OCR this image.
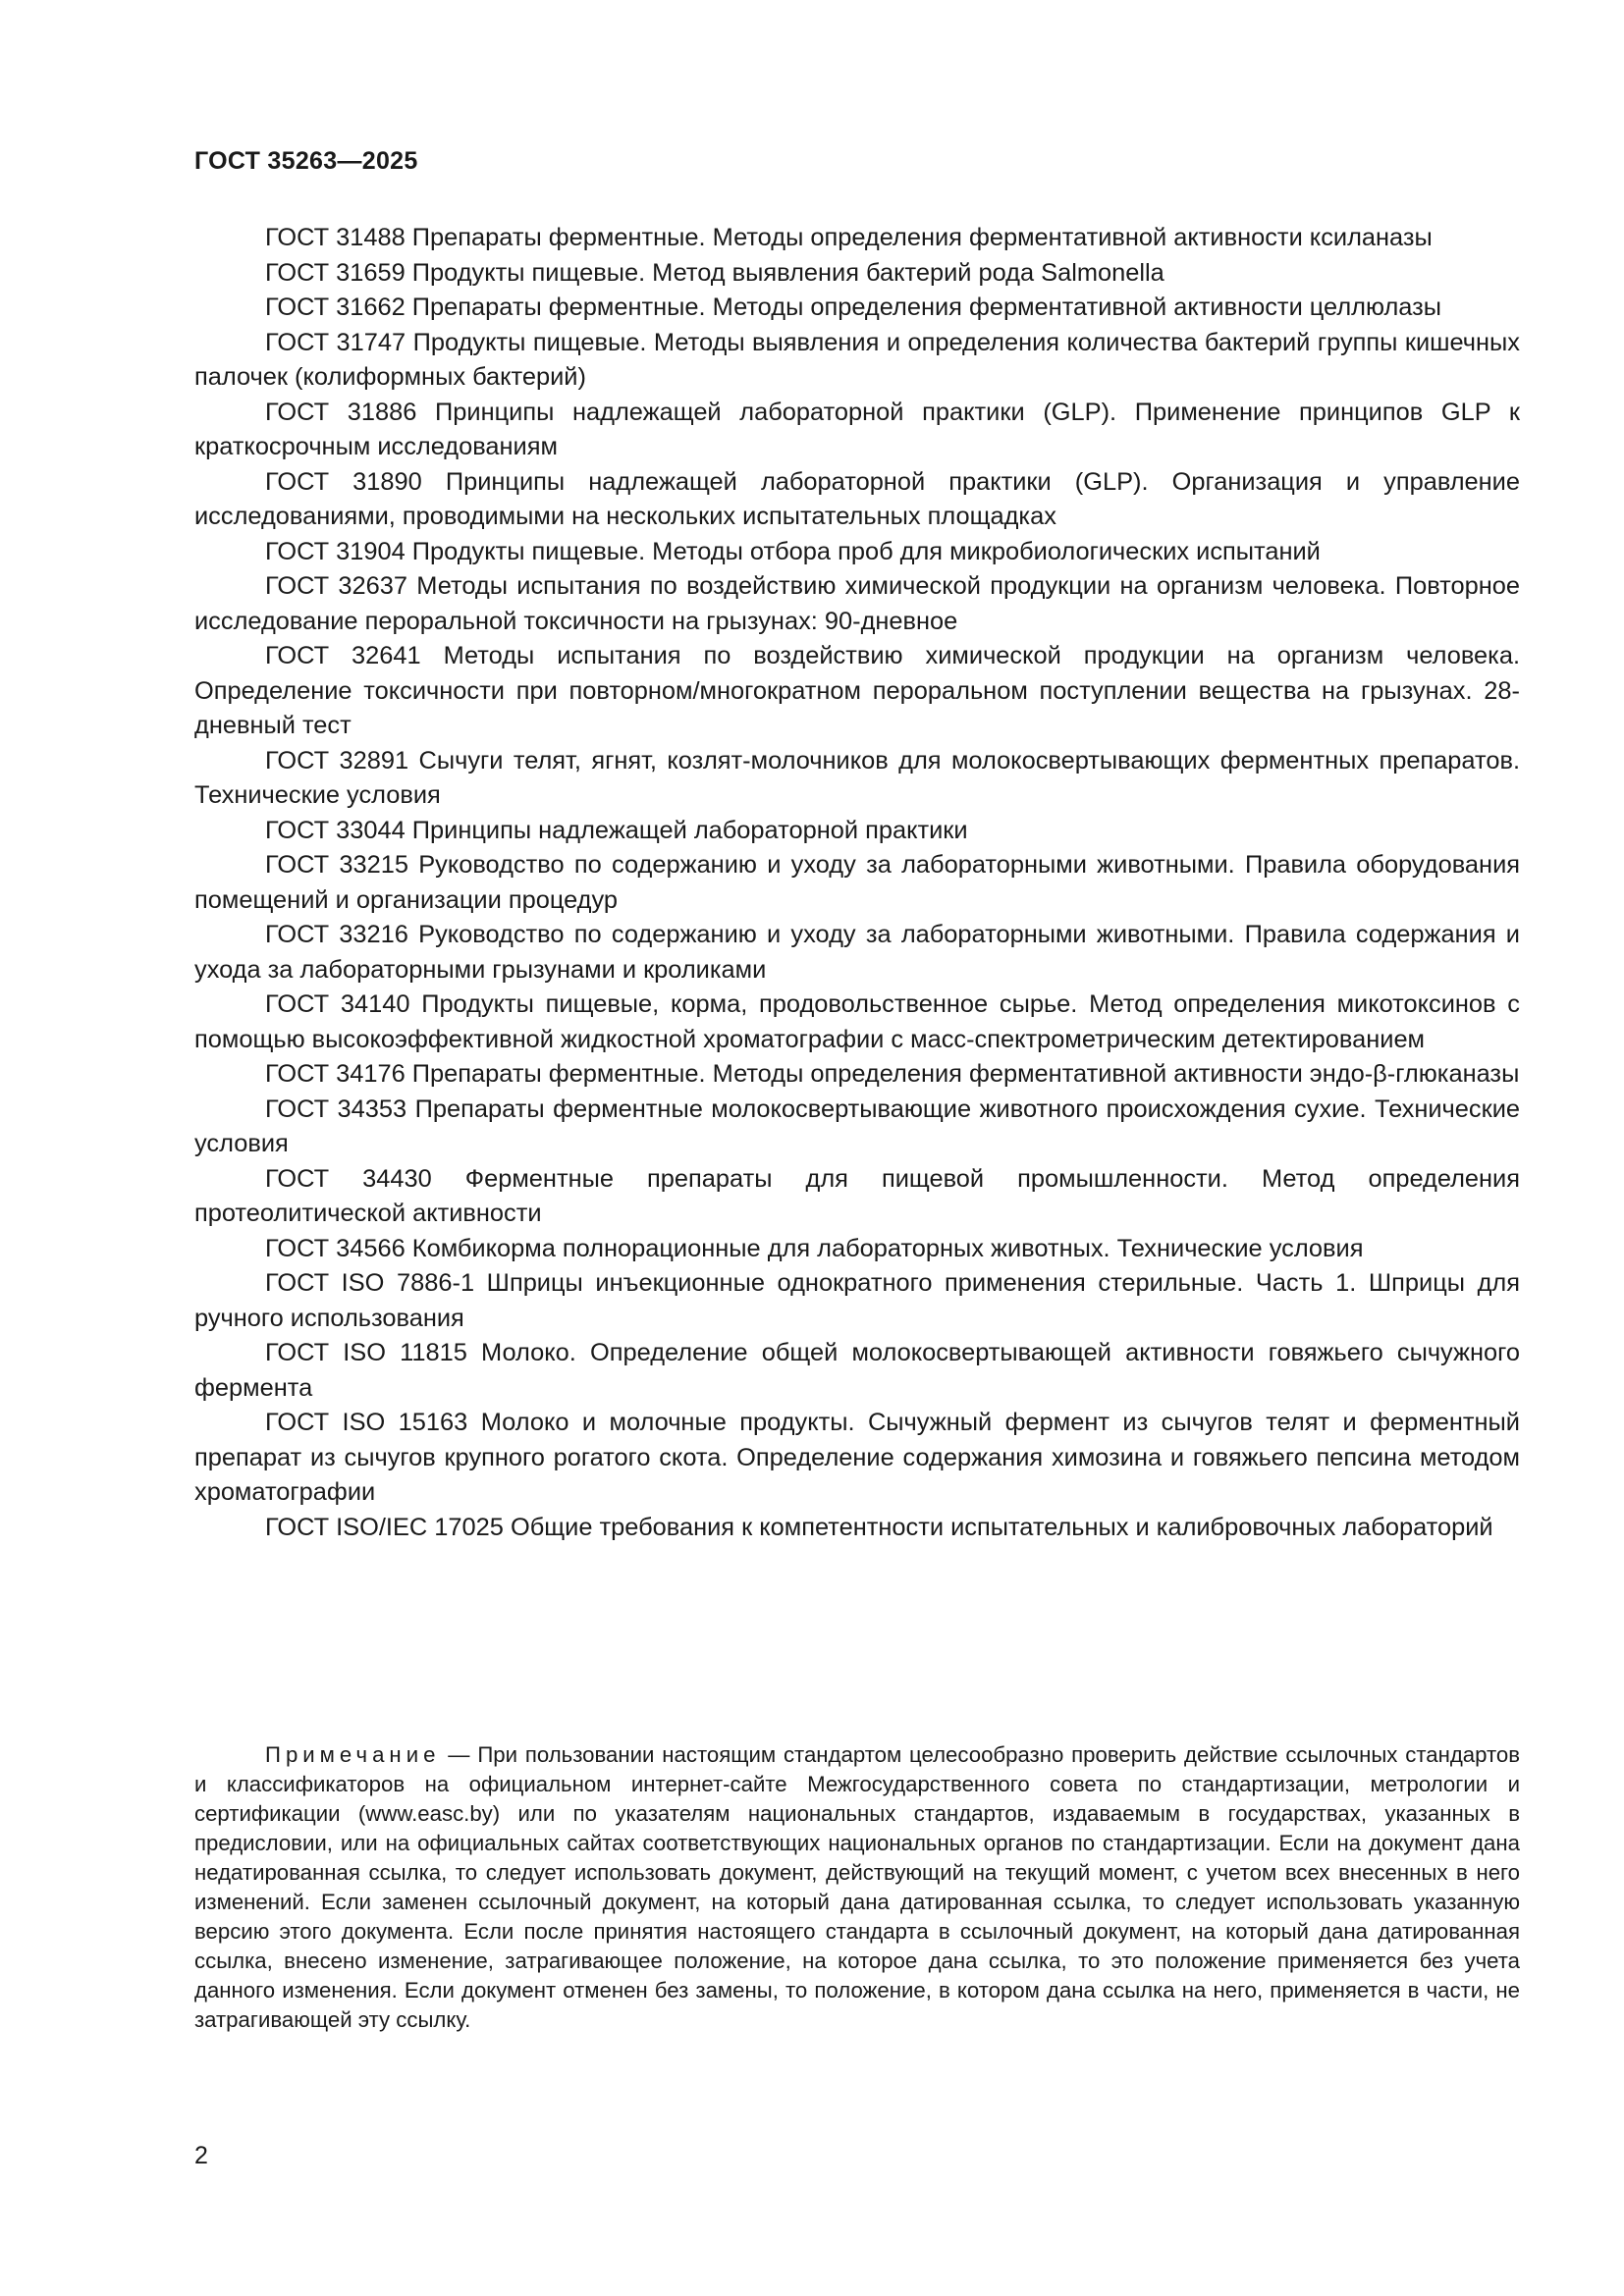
ГОСТ 35263—2025

ГОСТ 31488 Препараты ферментные. Методы определения ферментативной активности ксиланазы

ГОСТ 31659 Продукты пищевые. Метод выявления бактерий рода Salmonella

ГОСТ 31662 Препараты ферментные. Методы определения ферментативной активности целлюлазы

ГОСТ 31747 Продукты пищевые. Методы выявления и определения количества бактерий группы кишечных палочек (колиформных бактерий)

ГОСТ 31886 Принципы надлежащей лабораторной практики (GLP). Применение принципов GLP к краткосрочным исследованиям

ГОСТ 31890 Принципы надлежащей лабораторной практики (GLP). Организация и управление исследованиями, проводимыми на нескольких испытательных площадках

ГОСТ 31904 Продукты пищевые. Методы отбора проб для микробиологических испытаний

ГОСТ 32637 Методы испытания по воздействию химической продукции на организм человека. Повторное исследование пероральной токсичности на грызунах: 90-дневное

ГОСТ 32641 Методы испытания по воздействию химической продукции на организм человека. Определение токсичности при повторном/многократном пероральном поступлении вещества на грызунах. 28-дневный тест

ГОСТ 32891 Сычуги телят, ягнят, козлят-молочников для молокосвертывающих ферментных препаратов. Технические условия

ГОСТ 33044 Принципы надлежащей лабораторной практики

ГОСТ 33215 Руководство по содержанию и уходу за лабораторными животными. Правила оборудования помещений и организации процедур

ГОСТ 33216 Руководство по содержанию и уходу за лабораторными животными. Правила содержания и ухода за лабораторными грызунами и кроликами

ГОСТ 34140 Продукты пищевые, корма, продовольственное сырье. Метод определения микотоксинов с помощью высокоэффективной жидкостной хроматографии с масс-спектрометрическим детектированием

ГОСТ 34176 Препараты ферментные. Методы определения ферментативной активности эндо-β-глюканазы

ГОСТ 34353 Препараты ферментные молокосвертывающие животного происхождения сухие. Технические условия

ГОСТ 34430 Ферментные препараты для пищевой промышленности. Метод определения протеолитической активности

ГОСТ 34566 Комбикорма полнорационные для лабораторных животных. Технические условия

ГОСТ ISO 7886-1 Шприцы инъекционные однократного применения стерильные. Часть 1. Шприцы для ручного использования

ГОСТ ISO 11815 Молоко. Определение общей молокосвертывающей активности говяжьего сычужного фермента

ГОСТ ISO 15163 Молоко и молочные продукты. Сычужный фермент из сычугов телят и ферментный препарат из сычугов крупного рогатого скота. Определение содержания химозина и говяжьего пепсина методом хроматографии

ГОСТ ISO/IEC 17025 Общие требования к компетентности испытательных и калибровочных лабораторий

Примечание — При пользовании настоящим стандартом целесообразно проверить действие ссылочных стандартов и классификаторов на официальном интернет-сайте Межгосударственного совета по стандартизации, метрологии и сертификации (www.easc.by) или по указателям национальных стандартов, издаваемым в государствах, указанных в предисловии, или на официальных сайтах соответствующих национальных органов по стандартизации. Если на документ дана недатированная ссылка, то следует использовать документ, действующий на текущий момент, с учетом всех внесенных в него изменений. Если заменен ссылочный документ, на который дана датированная ссылка, то следует использовать указанную версию этого документа. Если после принятия настоящего стандарта в ссылочный документ, на который дана датированная ссылка, внесено изменение, затрагивающее положение, на которое дана ссылка, то это положение применяется без учета данного изменения. Если документ отменен без замены, то положение, в котором дана ссылка на него, применяется в части, не затрагивающей эту ссылку.

2
